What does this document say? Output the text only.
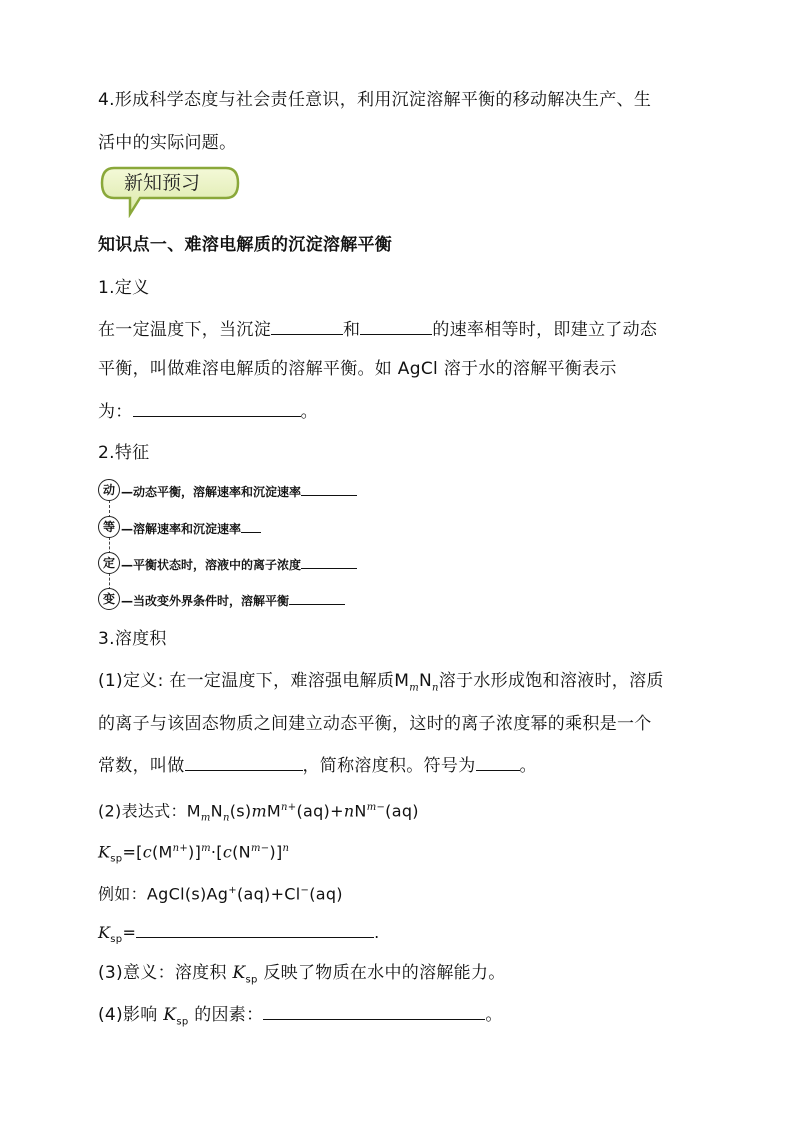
4.形成科学态度与社会责任意识，利用沉淀溶解平衡的移动解决生产、生
活中的实际问题。
新知预习
知识点一、难溶电解质的沉淀溶解平衡
1.定义
在一定温度下，当沉淀	和	的速率相等时，即建立了动态
平衡，叫做难溶电解质的溶解平衡。如 AgCl 溶于水的溶解平衡表示
为：	。
2.特征
动 —动态平衡，溶解速率和沉淀速率
等 —溶解速率和沉淀速率
定 —平衡状态时，溶液中的离子浓度
变 —当改变外界条件时，溶解平衡
3.溶度积
(1)定义: 在一定温度下，难溶强电解质$M_mN_n$溶于水形成饱和溶液时，溶质
的离子与该固态物质之间建立动态平衡，这时的离子浓度幂的乘积是一个
常数，叫做	，简称溶度积。符号为	。
(2)表达式：$M_mN_n(s)mM^{n+}(aq)+nN^{m-}(aq)$
$K_{sp}=[c(M^{n+})]^m\cdot[c(N^{m-})]^n$
例如：AgCl(s)Ag+(aq)+Cl−(aq)
$K_{sp}=$	.
(3)意义：溶度积 $K_{sp}$ 反映了物质在水中的溶解能力。
(4)影响 $K_{sp}$ 的因素：	。
